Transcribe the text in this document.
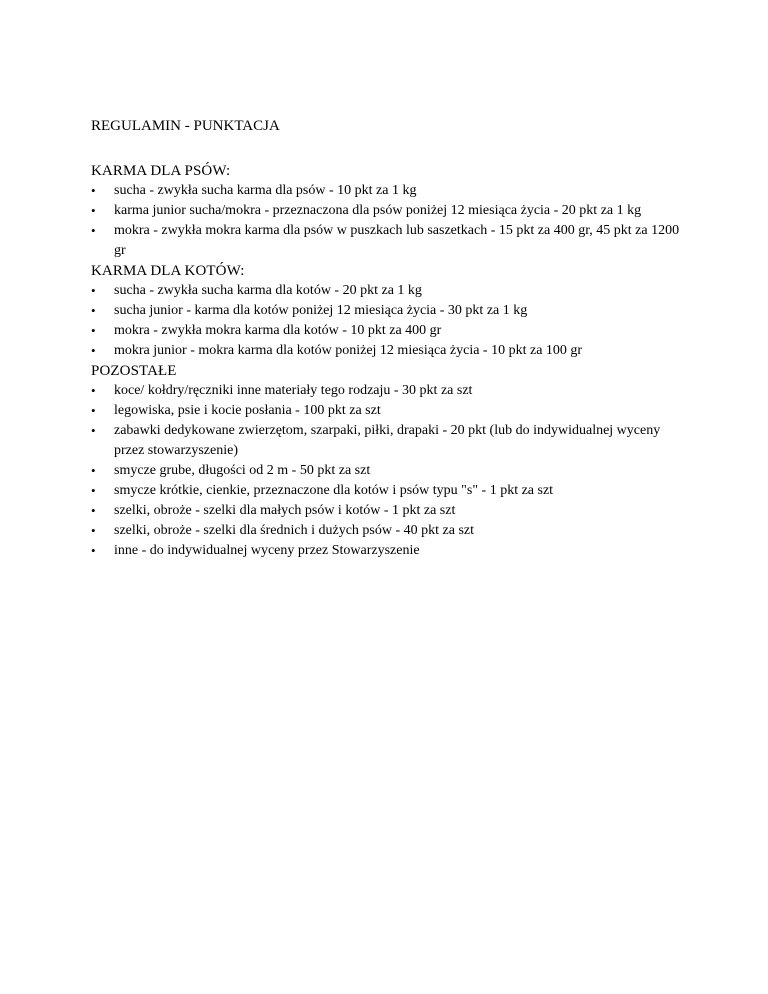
REGULAMIN - PUNKTACJA

KARMA DLA PSÓW:

•	sucha - zwykła sucha karma dla psów - 10 pkt za 1 kg
•	karma junior sucha/mokra - przeznaczona dla psów poniżej 12 miesiąca życia - 20 pkt za 1 kg
•	mokra - zwykła mokra karma dla psów w puszkach lub saszetkach - 15 pkt za 400 gr, 45 pkt za 1200 gr

KARMA DLA KOTÓW:

•	sucha - zwykła sucha karma dla kotów - 20 pkt za 1 kg
•	sucha junior - karma dla kotów poniżej 12 miesiąca życia - 30 pkt za 1 kg
•	mokra - zwykła mokra karma dla kotów - 10 pkt za 400 gr
•	mokra junior - mokra karma dla kotów poniżej 12 miesiąca życia - 10 pkt za 100 gr

POZOSTAŁE

•	koce/ kołdry/ręczniki inne materiały tego rodzaju - 30 pkt za szt
•	legowiska, psie i kocie posłania - 100 pkt za szt
•	zabawki dedykowane zwierzętom, szarpaki, piłki, drapaki - 20 pkt (lub do indywidualnej wyceny przez stowarzyszenie)
•	smycze grube, długości od 2 m - 50 pkt za szt
•	smycze krótkie, cienkie, przeznaczone dla kotów i psów typu "s" - 1 pkt za szt
•	szelki, obroże - szelki dla małych psów i kotów - 1 pkt za szt
•	szelki, obroże - szelki dla średnich i dużych psów - 40 pkt za szt
•	inne - do indywidualnej wyceny przez Stowarzyszenie
